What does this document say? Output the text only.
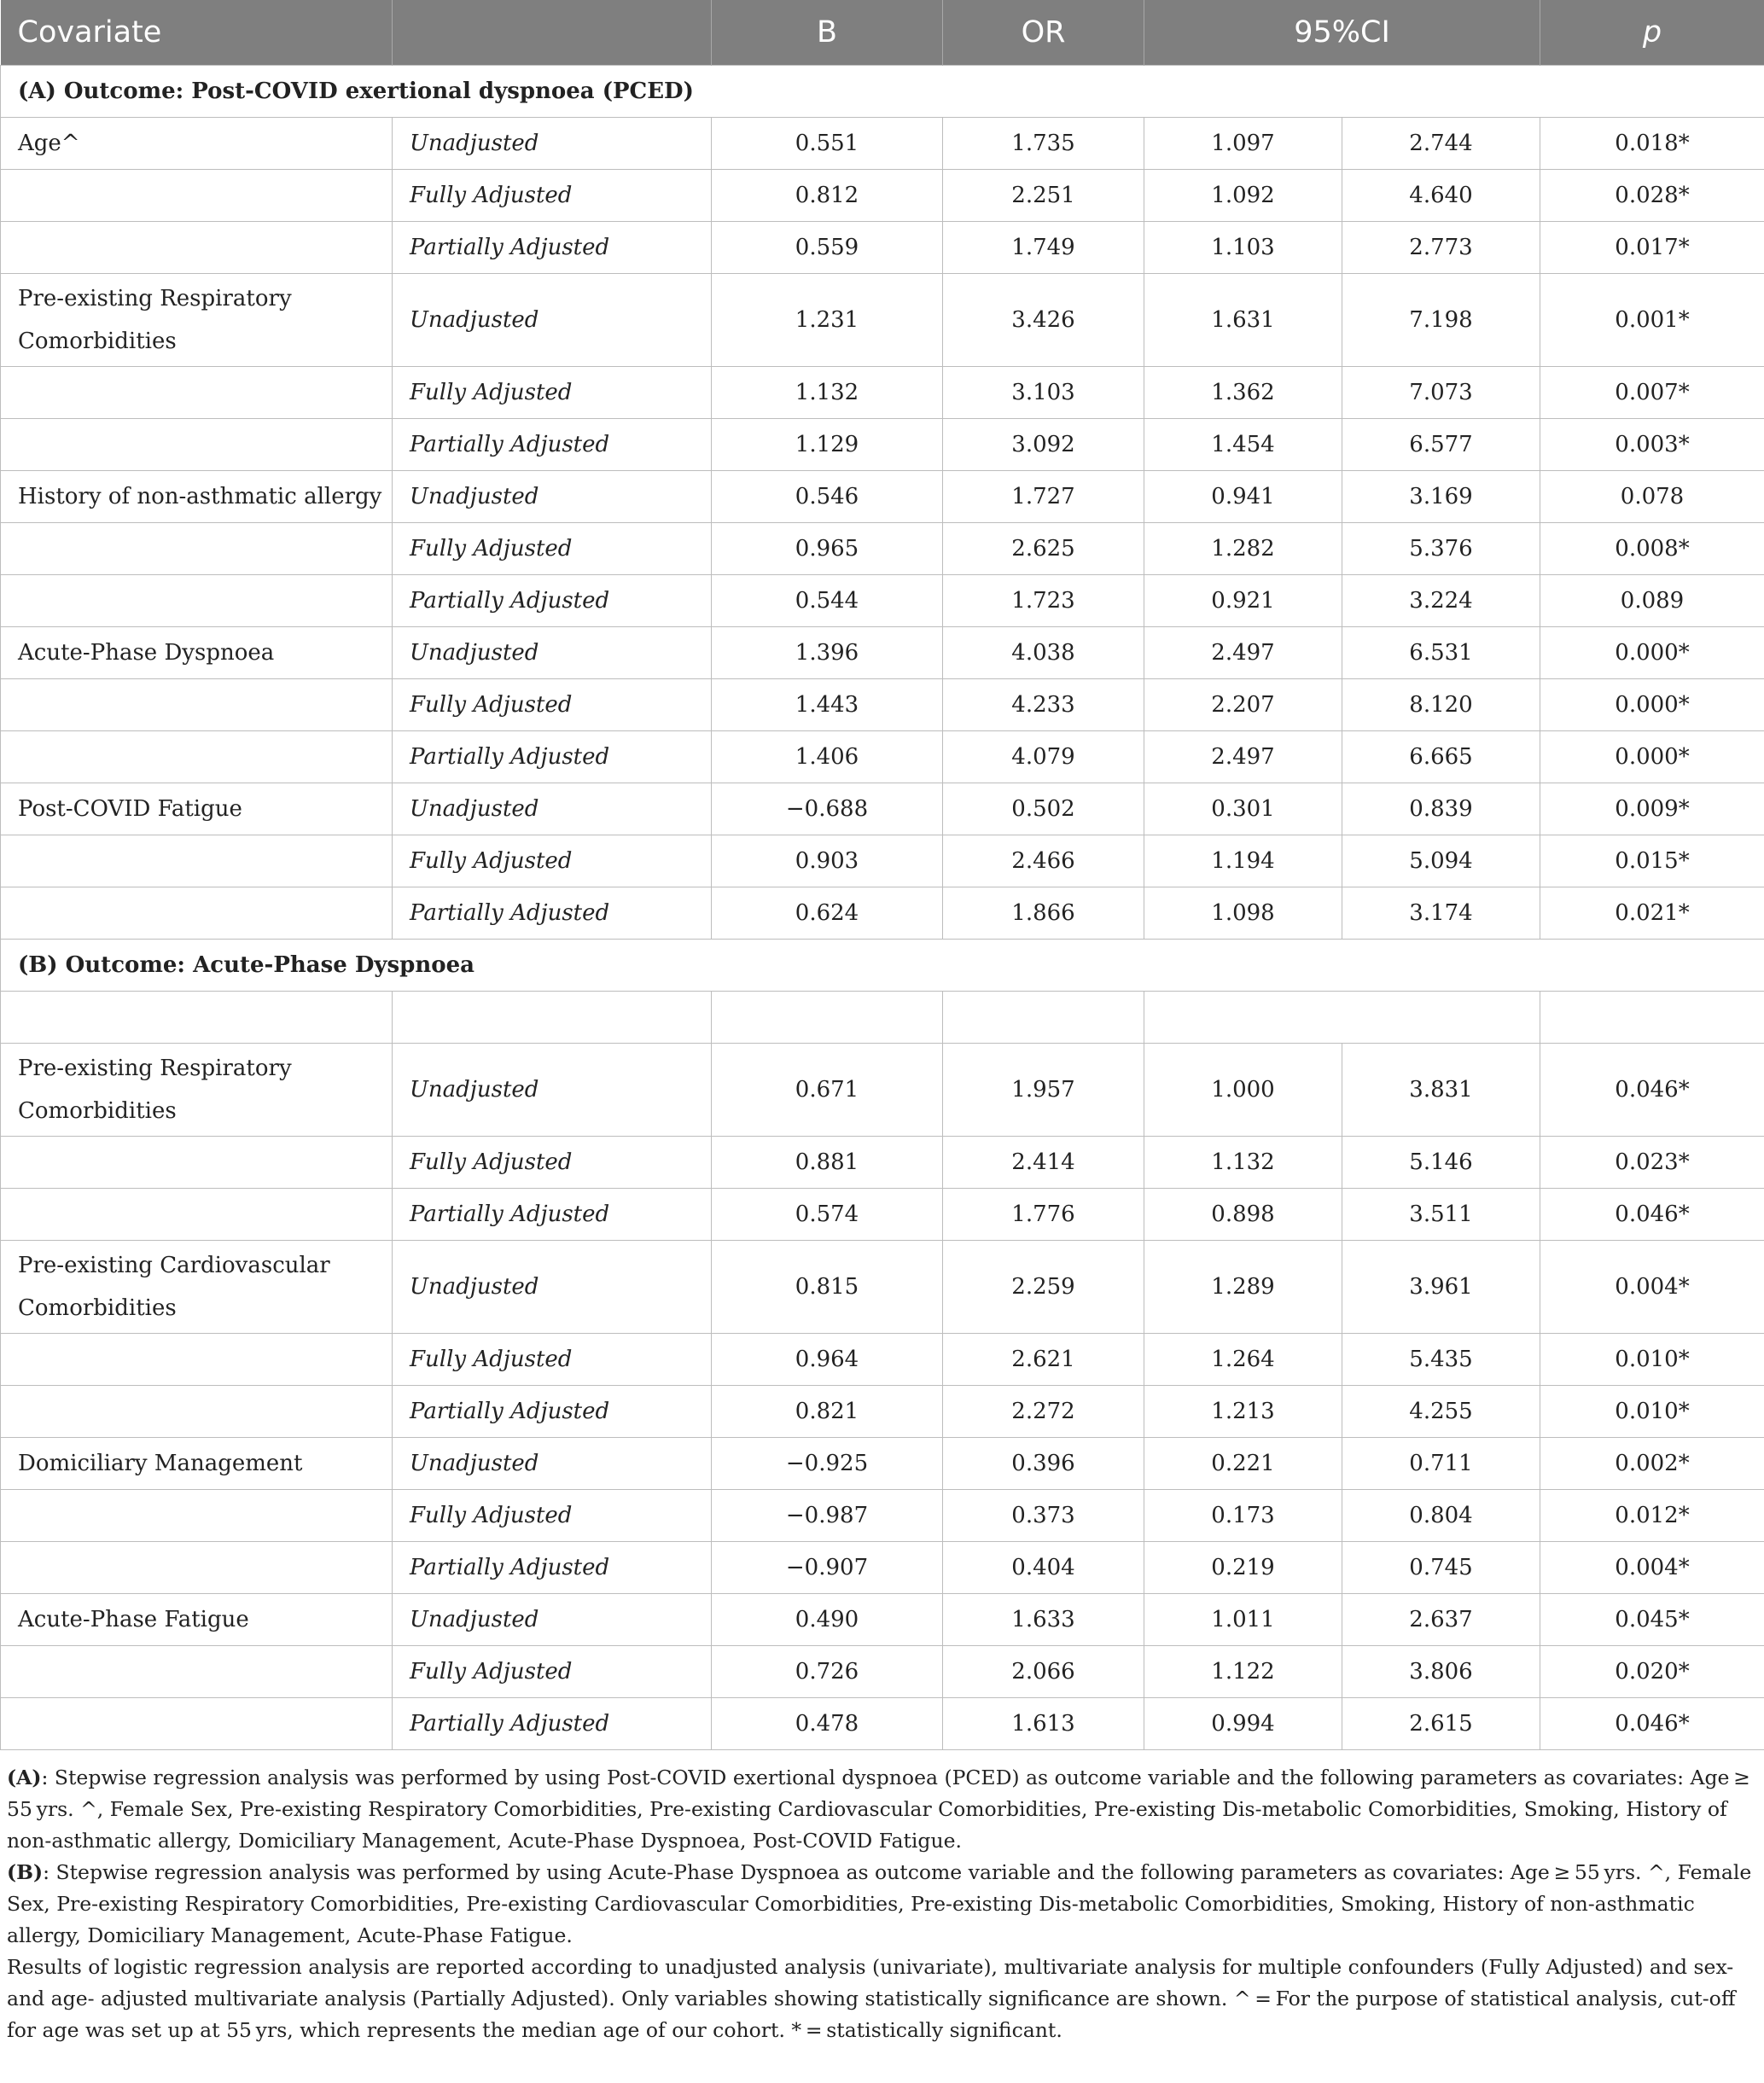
Covariate		B	OR	95%CI		p
(A) Outcome: Post-COVID exertional dyspnoea (PCED)						
Age^	Unadjusted	0.551	1.735	1.097	2.744	0.018*
	Fully Adjusted	0.812	2.251	1.092	4.640	0.028*
	Partially Adjusted	0.559	1.749	1.103	2.773	0.017*
Pre-existing Respiratory Comorbidities	Unadjusted	1.231	3.426	1.631	7.198	0.001*
	Fully Adjusted	1.132	3.103	1.362	7.073	0.007*
	Partially Adjusted	1.129	3.092	1.454	6.577	0.003*
History of non-asthmatic allergy	Unadjusted	0.546	1.727	0.941	3.169	0.078
	Fully Adjusted	0.965	2.625	1.282	5.376	0.008*
	Partially Adjusted	0.544	1.723	0.921	3.224	0.089
Acute-Phase Dyspnoea	Unadjusted	1.396	4.038	2.497	6.531	0.000*
	Fully Adjusted	1.443	4.233	2.207	8.120	0.000*
	Partially Adjusted	1.406	4.079	2.497	6.665	0.000*
Post-COVID Fatigue	Unadjusted	−0.688	0.502	0.301	0.839	0.009*
	Fully Adjusted	0.903	2.466	1.194	5.094	0.015*
	Partially Adjusted	0.624	1.866	1.098	3.174	0.021*
(B) Outcome: Acute-Phase Dyspnoea						

Pre-existing Respiratory Comorbidities	Unadjusted	0.671	1.957	1.000	3.831	0.046*
	Fully Adjusted	0.881	2.414	1.132	5.146	0.023*
	Partially Adjusted	0.574	1.776	0.898	3.511	0.046*
Pre-existing Cardiovascular Comorbidities	Unadjusted	0.815	2.259	1.289	3.961	0.004*
	Fully Adjusted	0.964	2.621	1.264	5.435	0.010*
	Partially Adjusted	0.821	2.272	1.213	4.255	0.010*
Domiciliary Management	Unadjusted	−0.925	0.396	0.221	0.711	0.002*
	Fully Adjusted	−0.987	0.373	0.173	0.804	0.012*
	Partially Adjusted	−0.907	0.404	0.219	0.745	0.004*
Acute-Phase Fatigue	Unadjusted	0.490	1.633	1.011	2.637	0.045*
	Fully Adjusted	0.726	2.066	1.122	3.806	0.020*
	Partially Adjusted	0.478	1.613	0.994	2.615	0.046*

(A): Stepwise regression analysis was performed by using Post-COVID exertional dyspnoea (PCED) as outcome variable and the following parameters as covariates: Age ≥ 55 yrs. ^, Female Sex, Pre-existing Respiratory Comorbidities, Pre-existing Cardiovascular Comorbidities, Pre-existing Dis-metabolic Comorbidities, Smoking, History of non-asthmatic allergy, Domiciliary Management, Acute-Phase Dyspnoea, Post-COVID Fatigue.

(B): Stepwise regression analysis was performed by using Acute-Phase Dyspnoea as outcome variable and the following parameters as covariates: Age ≥ 55 yrs. ^, Female Sex, Pre-existing Respiratory Comorbidities, Pre-existing Cardiovascular Comorbidities, Pre-existing Dis-metabolic Comorbidities, Smoking, History of non-asthmatic allergy, Domiciliary Management, Acute-Phase Fatigue.

Results of logistic regression analysis are reported according to unadjusted analysis (univariate), multivariate analysis for multiple confounders (Fully Adjusted) and sex- and age- adjusted multivariate analysis (Partially Adjusted). Only variables showing statistically significance are shown. ^ = For the purpose of statistical analysis, cut-off for age was set up at 55 yrs, which represents the median age of our cohort. * = statistically significant.
